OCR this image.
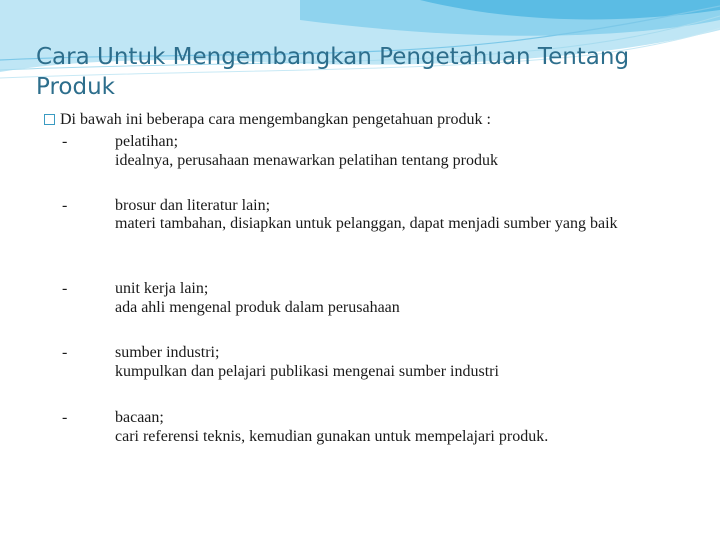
Cara Untuk Mengembangkan Pengetahuan Tentang Produk
Di bawah ini beberapa cara mengembangkan pengetahuan produk :
-	pelatihan;
idealnya, perusahaan menawarkan pelatihan tentang produk
-	brosur dan literatur lain;
materi tambahan, disiapkan untuk pelanggan, dapat menjadi sumber yang baik
-	unit kerja lain;
ada ahli mengenal produk dalam perusahaan
-	sumber industri;
kumpulkan dan pelajari publikasi mengenai sumber industri
-	bacaan;
cari referensi teknis, kemudian gunakan untuk mempelajari produk.
